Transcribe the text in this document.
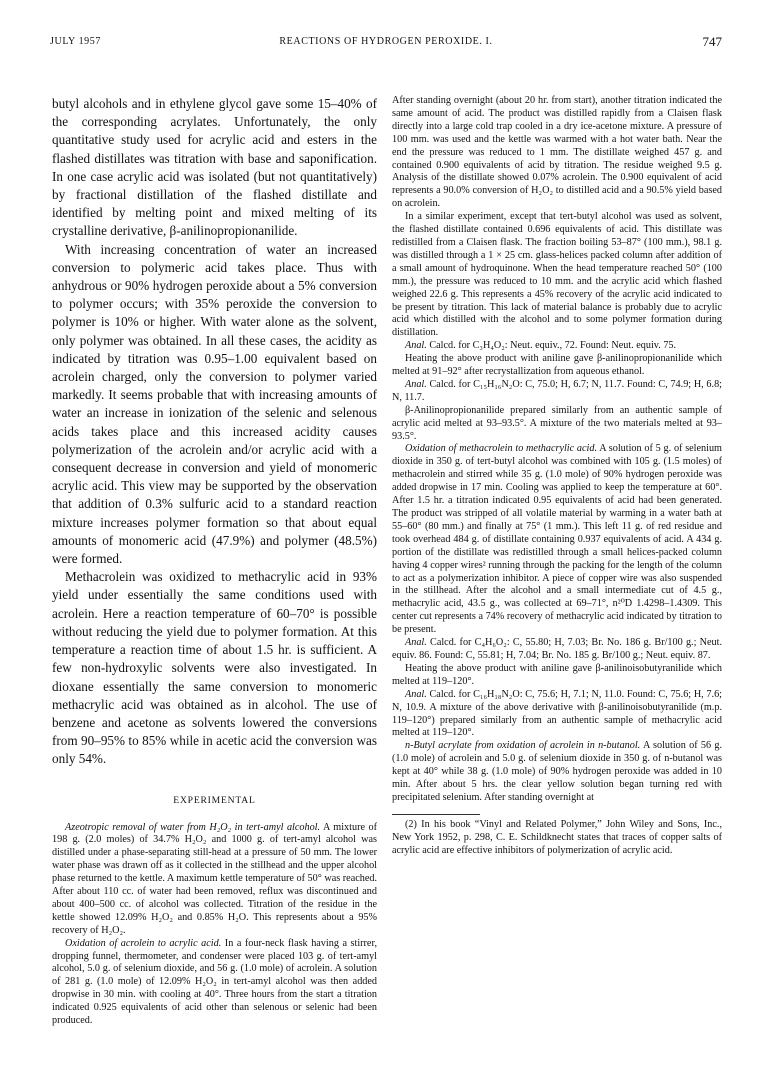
JULY 1957	REACTIONS OF HYDROGEN PEROXIDE. I.	747

butyl alcohols and in ethylene glycol gave some 15–40% of the corresponding acrylates. Unfortunately, the only quantitative study used for acrylic acid and esters in the flashed distillates was titration with base and saponification. In one case acrylic acid was isolated (but not quantitatively) by fractional distillation of the flashed distillate and identified by melting point and mixed melting of its crystalline derivative, β-anilinopropionanilide.

With increasing concentration of water an increased conversion to polymeric acid takes place. Thus with anhydrous or 90% hydrogen peroxide about a 5% conversion to polymer occurs; with 35% peroxide the conversion to polymer is 10% or higher. With water alone as the solvent, only polymer was obtained. In all these cases, the acidity as indicated by titration was 0.95–1.00 equivalent based on acrolein charged, only the conversion to polymer varied markedly. It seems probable that with increasing amounts of water an increase in ionization of the selenic and selenous acids takes place and this increased acidity causes polymerization of the acrolein and/or acrylic acid with a consequent decrease in conversion and yield of monomeric acrylic acid. This view may be supported by the observation that addition of 0.3% sulfuric acid to a standard reaction mixture increases polymer formation so that about equal amounts of monomeric acid (47.9%) and polymer (48.5%) were formed.

Methacrolein was oxidized to methacrylic acid in 93% yield under essentially the same conditions used with acrolein. Here a reaction temperature of 60–70° is possible without reducing the yield due to polymer formation. At this temperature a reaction time of about 1.5 hr. is sufficient. A few non-hydroxylic solvents were also investigated. In dioxane essentially the same conversion to monomeric methacrylic acid was obtained as in alcohol. The use of benzene and acetone as solvents lowered the conversions from 90–95% to 85% while in acetic acid the conversion was only 54%.

EXPERIMENTAL

Azeotropic removal of water from H₂O₂ in tert-amyl alcohol. A mixture of 198 g. (2.0 moles) of 34.7% H₂O₂ and 1000 g. of tert-amyl alcohol was distilled under a phase-separating still-head at a pressure of 50 mm. The lower water phase was drawn off as it collected in the stillhead and the upper alcohol phase returned to the kettle. A maximum kettle temperature of 50° was reached. After about 110 cc. of water had been removed, reflux was discontinued and about 400–500 cc. of alcohol was collected. Titration of the residue in the kettle showed 12.09% H₂O₂ and 0.85% H₂O. This represents about a 95% recovery of H₂O₂.

Oxidation of acrolein to acrylic acid. In a four-neck flask having a stirrer, dropping funnel, thermometer, and condenser were placed 103 g. of tert-amyl alcohol, 5.0 g. of selenium dioxide, and 56 g. (1.0 mole) of acrolein. A solution of 281 g. (1.0 mole) of 12.09% H₂O₂ in tert-amyl alcohol was then added dropwise in 30 min. with cooling at 40°. Three hours from the start a titration indicated 0.925 equivalents of acid other than selenous or selenic had been produced.

After standing overnight (about 20 hr. from start), another titration indicated the same amount of acid. The product was distilled rapidly from a Claisen flask directly into a large cold trap cooled in a dry ice-acetone mixture. A pressure of 100 mm. was used and the kettle was warmed with a hot water bath. Near the end the pressure was reduced to 1 mm. The distillate weighed 457 g. and contained 0.900 equivalents of acid by titration. The residue weighed 9.5 g. Analysis of the distillate showed 0.07% acrolein. The 0.900 equivalent of acid represents a 90.0% conversion of H₂O₂ to distilled acid and a 90.5% yield based on acrolein.

In a similar experiment, except that tert-butyl alcohol was used as solvent, the flashed distillate contained 0.696 equivalents of acid. This distillate was redistilled from a Claisen flask. The fraction boiling 53–87° (100 mm.), 98.1 g. was distilled through a 1 × 25 cm. glass-helices packed column after addition of a small amount of hydroquinone. When the head temperature reached 50° (100 mm.), the pressure was reduced to 10 mm. and the acrylic acid which flashed weighed 22.6 g. This represents a 45% recovery of the acrylic acid indicated to be present by titration. This lack of material balance is probably due to acrylic acid which distilled with the alcohol and to some polymer formation during distillation.

Anal. Calcd. for C₃H₄O₂: Neut. equiv., 72. Found: Neut. equiv. 75.

Heating the above product with aniline gave β-anilinopropionanilide which melted at 91–92° after recrystallization from aqueous ethanol.

Anal. Calcd. for C₁₅H₁₆N₂O: C, 75.0; H, 6.7; N, 11.7. Found: C, 74.9; H, 6.8; N, 11.7.

β-Anilinopropionanilide prepared similarly from an authentic sample of acrylic acid melted at 93–93.5°. A mixture of the two materials melted at 93–93.5°.

Oxidation of methacrolein to methacrylic acid. A solution of 5 g. of selenium dioxide in 350 g. of tert-butyl alcohol was combined with 105 g. (1.5 moles) of methacrolein and stirred while 35 g. (1.0 mole) of 90% hydrogen peroxide was added dropwise in 17 min. Cooling was applied to keep the temperature at 60°. After 1.5 hr. a titration indicated 0.95 equivalents of acid had been generated. The product was stripped of all volatile material by warming in a water bath at 55–60° (80 mm.) and finally at 75° (1 mm.). This left 11 g. of red residue and took overhead 484 g. of distillate containing 0.937 equivalents of acid. A 434 g. portion of the distillate was redistilled through a small helices-packed column having 4 copper wires² running through the packing for the length of the column to act as a polymerization inhibitor. A piece of copper wire was also suspended in the stillhead. After the alcohol and a small intermediate cut of 4.5 g., methacrylic acid, 43.5 g., was collected at 69–71°, n²⁰D 1.4298–1.4309. This center cut represents a 74% recovery of methacrylic acid indicated by titration to be present.

Anal. Calcd. for C₄H₆O₂: C, 55.80; H, 7.03; Br. No. 186 g. Br/100 g.; Neut. equiv. 86. Found: C, 55.81; H, 7.04; Br. No. 185 g. Br/100 g.; Neut. equiv. 87.

Heating the above product with aniline gave β-anilinoisobutyranilide which melted at 119–120°.

Anal. Calcd. for C₁₆H₁₈N₂O: C, 75.6; H, 7.1; N, 11.0. Found: C, 75.6; H, 7.6; N, 10.9. A mixture of the above derivative with β-anilinoisobutyranilide (m.p. 119–120°) prepared similarly from an authentic sample of methacrylic acid melted at 119–120°.

n-Butyl acrylate from oxidation of acrolein in n-butanol. A solution of 56 g. (1.0 mole) of acrolein and 5.0 g. of selenium dioxide in 350 g. of n-butanol was kept at 40° while 38 g. (1.0 mole) of 90% hydrogen peroxide was added in 10 min. After about 5 hrs. the clear yellow solution began turning red with precipitated selenium. After standing overnight at

(2) In his book “Vinyl and Related Polymer,” John Wiley and Sons, Inc., New York 1952, p. 298, C. E. Schildknecht states that traces of copper salts of acrylic acid are effective inhibitors of polymerization of acrylic acid.
